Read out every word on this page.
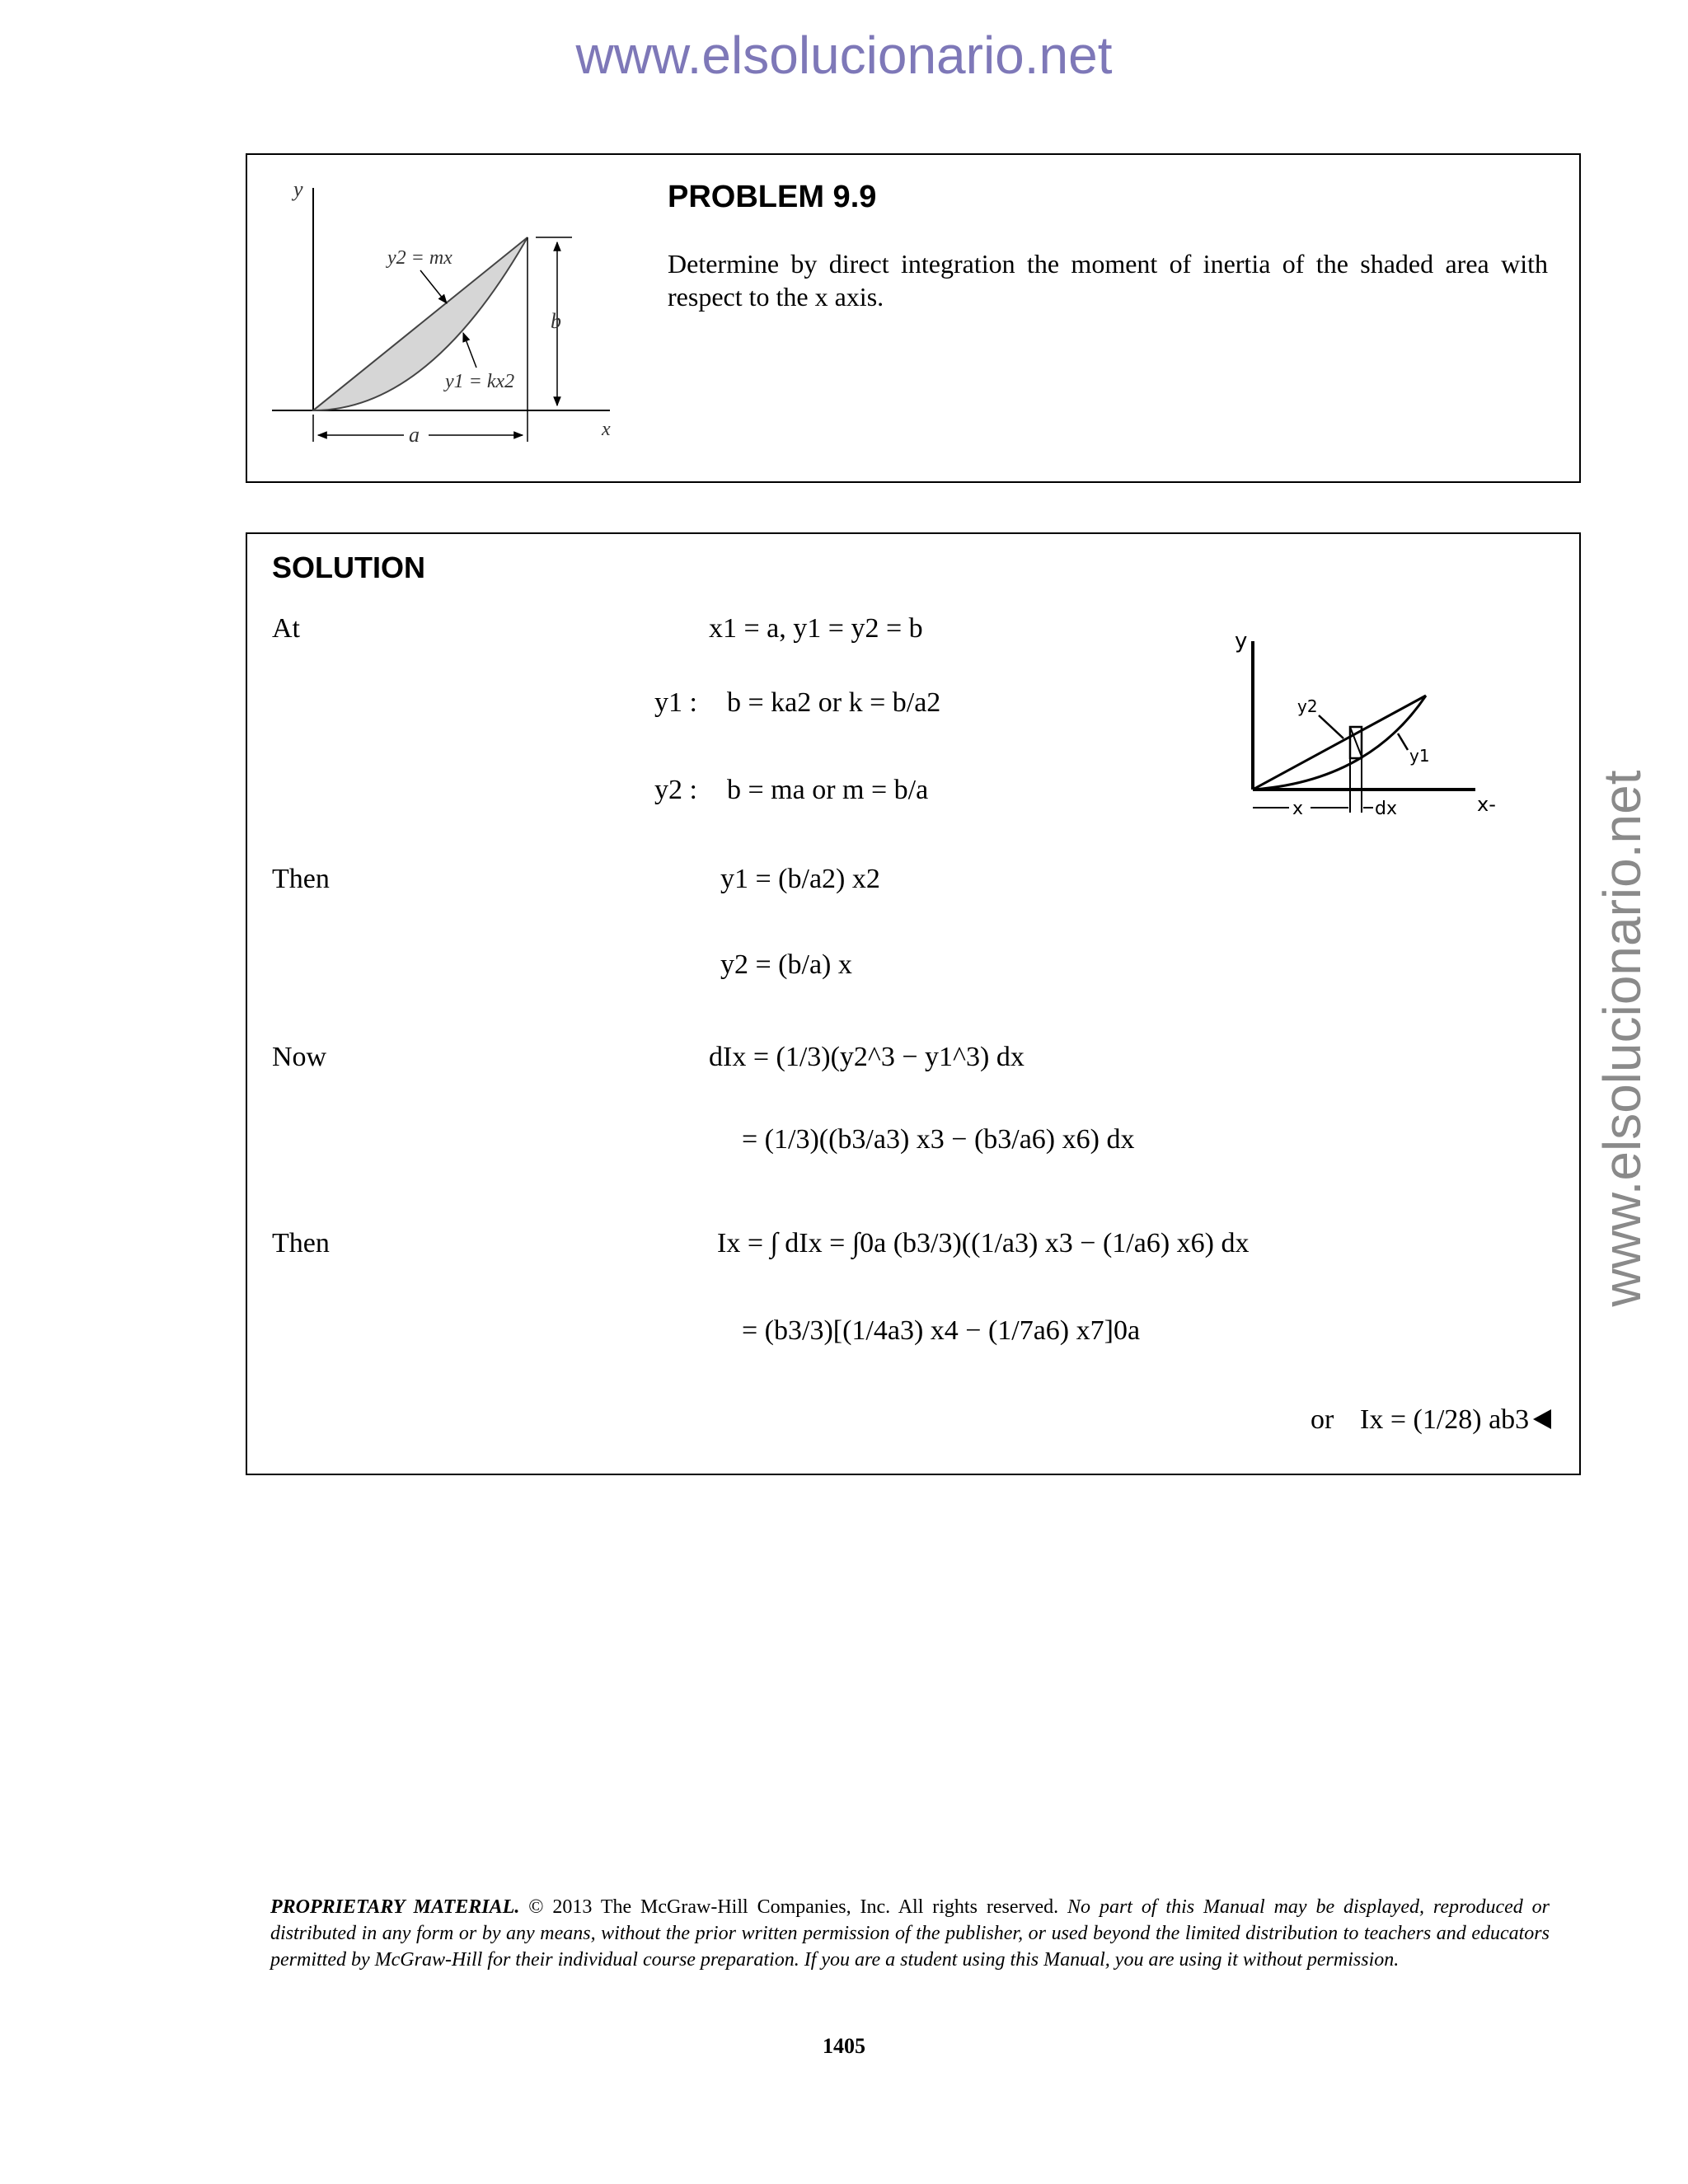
www.elsolucionario.net
www.elsolucionario.net
y
x
b
a
y2 = mx
y1 = kx2
PROBLEM 9.9
Determine by direct integration the moment of inertia of the shaded area with respect to the x axis.
SOLUTION
At
Then
Now
Then
x1 = a, y1 = y2 = b
y1 : b = ka2 or k = b/a2
y2 : b = ma or m = b/a
y1 = (b/a2) x2
y2 = (b/a) x
dIx = (1/3)(y2^3 − y1^3) dx
= (1/3)((b3/a3) x3 − (b3/a6) x6) dx
Ix = ∫ dIx = ∫0a (b3/3)((1/a3) x3 − (1/a6) x6) dx
= (b3/3)[(1/4a3) x4 − (1/7a6) x7]0a
or Ix = (1/28) ab3
y
x-
y2
y1
x	dx
PROPRIETARY MATERIAL. © 2013 The McGraw-Hill Companies, Inc. All rights reserved. No part of this Manual may be displayed, reproduced or distributed in any form or by any means, without the prior written permission of the publisher, or used beyond the limited distribution to teachers and educators permitted by McGraw-Hill for their individual course preparation. If you are a student using this Manual, you are using it without permission.
1405
